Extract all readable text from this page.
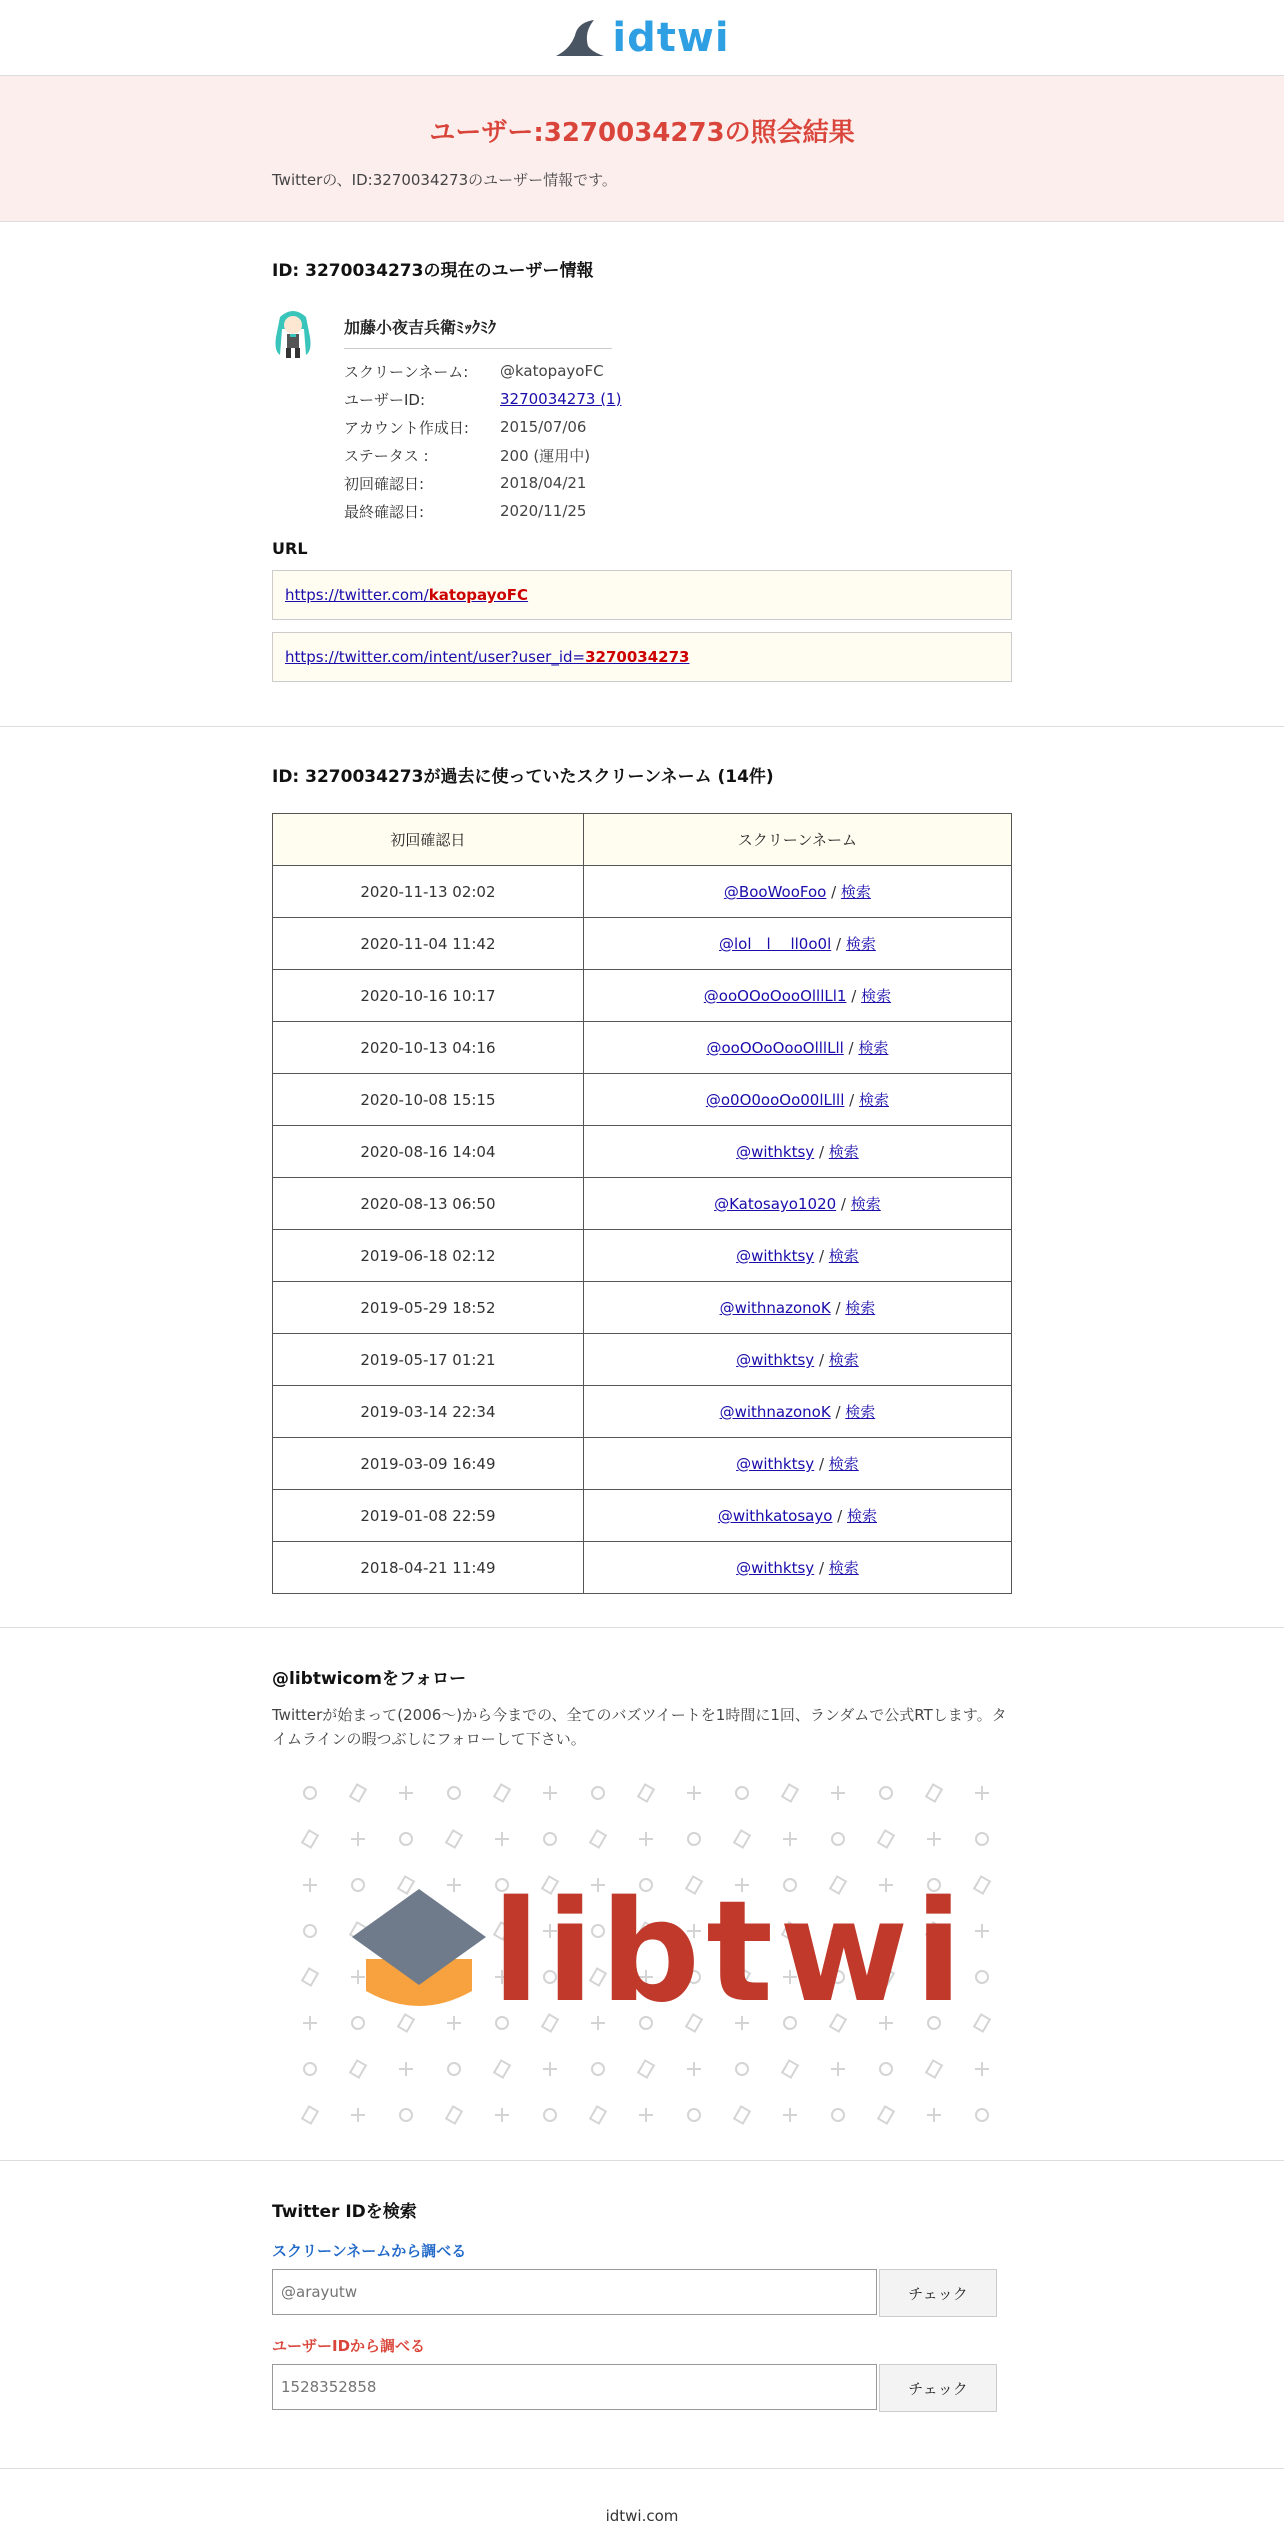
idtwi
ユーザー:3270034273の照会結果

Twitterの、ID:3270034273のユーザー情報です。

ID: 3270034273の現在のユーザー情報
加藤小夜吉兵衛ﾐｯｸﾐｸ
スクリーンネーム:	@katopayoFC
ユーザーID:	3270034273 (1)
アカウント作成日:	2015/07/06
ステータス :	200 (運用中)
初回確認日:	2018/04/21
最終確認日:	2020/11/25
URL
https://twitter.com/katopayoFC
https://twitter.com/intent/user?user_id=3270034273
ID: 3270034273が過去に使っていたスクリーンネーム (14件)
初回確認日	スクリーンネーム
2020-11-13 02:02	@BooWooFoo / 検索
2020-11-04 11:42	@lol　l　 ll0o0l / 検索
2020-10-16 10:17	@ooOOoOooOlllLl1 / 検索
2020-10-13 04:16	@ooOOoOooOlllLll / 検索
2020-10-08 15:15	@o0O0ooOo00lLlll / 検索
2020-08-16 14:04	@withktsy / 検索
2020-08-13 06:50	@Katosayo1020 / 検索
2019-06-18 02:12	@withktsy / 検索
2019-05-29 18:52	@withnazonoK / 検索
2019-05-17 01:21	@withktsy / 検索
2019-03-14 22:34	@withnazonoK / 検索
2019-03-09 16:49	@withktsy / 検索
2019-01-08 22:59	@withkatosayo / 検索
2018-04-21 11:49	@withktsy / 検索
@libtwicomをフォロー

Twitterが始まって(2006〜)から今までの、全てのバズツイートを1時間に1回、ランダムで公式RTします。タイムラインの暇つぶしにフォローして下さい。

libtwi
Twitter IDを検索
スクリーンネームから調べる
@arayutw
チェック
ユーザーIDから調べる
1528352858
チェック
idtwi.com
